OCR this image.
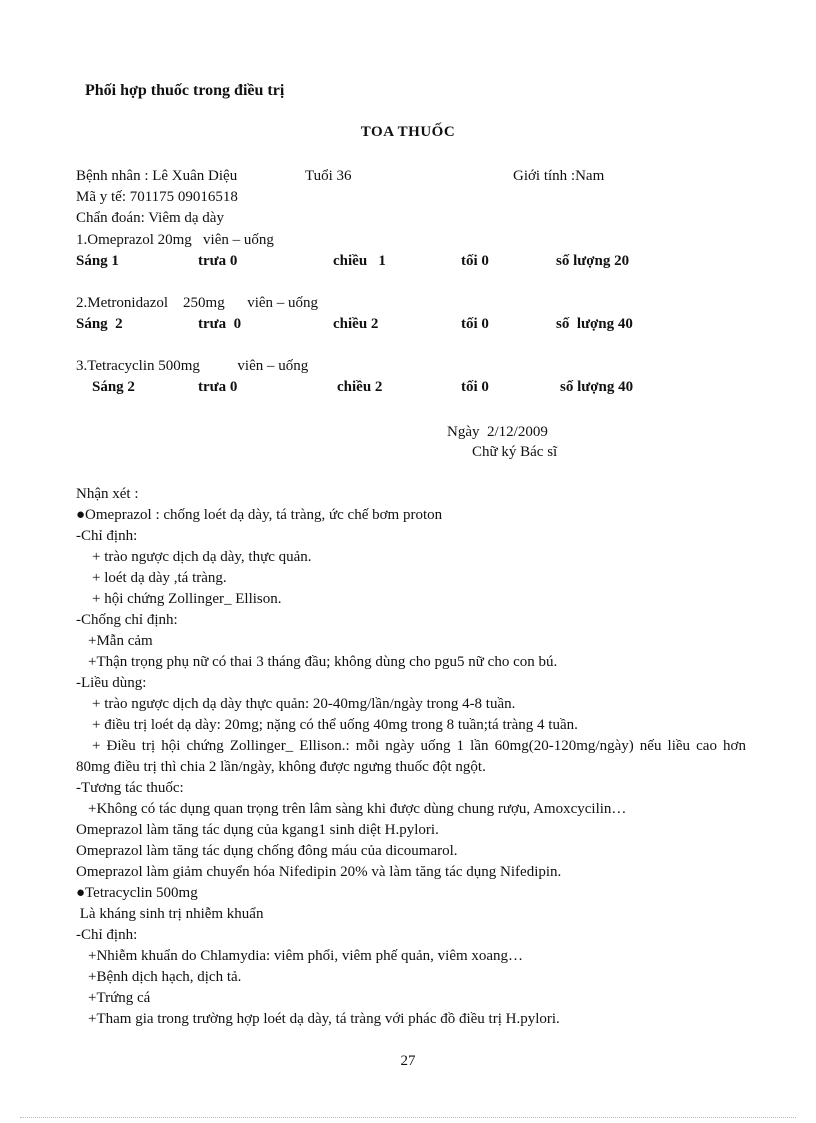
Phối hợp thuốc trong điều trị
TOA THUỐC
Bệnh nhân : Lê Xuân Diệu	Tuổi 36	Giới tính :Nam
Mã y tế: 701175 09016518
Chẩn đoán: Viêm dạ dày
1.Omeprazol 20mg   viên – uống
Sáng 1	trưa 0	chiều   1	tối 0	số lượng 20
2.Metronidazol    250mg      viên – uống
Sáng  2	trưa  0	chiều 2	tối 0	số  lượng 40
3.Tetracyclin 500mg          viên – uống
Sáng 2	trưa 0	chiều 2	tối 0	số lượng 40
Ngày  2/12/2009
Chữ ký Bác sĩ
Nhận xét :
●Omeprazol : chống loét dạ dày, tá tràng, ức chế bơm proton
-Chỉ định:
+ trào ngược dịch dạ dày, thực quản.
+ loét dạ dày ,tá tràng.
+ hội chứng Zollinger_ Ellison.
-Chống chỉ định:
+Mẫn cảm
+Thận trọng phụ nữ có thai 3 tháng đầu; không dùng cho pgu5 nữ cho con bú.
-Liều dùng:
+ trào ngược dịch dạ dày thực quản: 20-40mg/lần/ngày trong 4-8 tuần.
+ điều trị loét dạ dày: 20mg; nặng có thể uống 40mg trong 8 tuần;tá tràng 4 tuần.
+ Điều trị hội chứng Zollinger_ Ellison.: mỗi ngày uống 1 lần 60mg(20-120mg/ngày) nếu liều cao hơn 80mg điều trị thì chia 2 lần/ngày, không được ngưng thuốc đột ngột.
-Tương tác thuốc:
+Không có tác dụng quan trọng trên lâm sàng khi được dùng chung rượu, Amoxcycilin…
Omeprazol làm tăng tác dụng của kgang1 sinh diệt H.pylori.
Omeprazol làm tăng tác dụng chống đông máu của dicoumarol.
Omeprazol làm giảm chuyển hóa Nifedipin 20% và làm tăng tác dụng Nifedipin.
●Tetracyclin 500mg
Là kháng sinh trị nhiễm khuẩn
-Chỉ định:
+Nhiễm khuẩn do Chlamydia: viêm phổi, viêm phế quản, viêm xoang…
+Bệnh dịch hạch, dịch tả.
+Trứng cá
+Tham gia trong trường hợp loét dạ dày, tá tràng với phác đồ điều trị H.pylori.
27
